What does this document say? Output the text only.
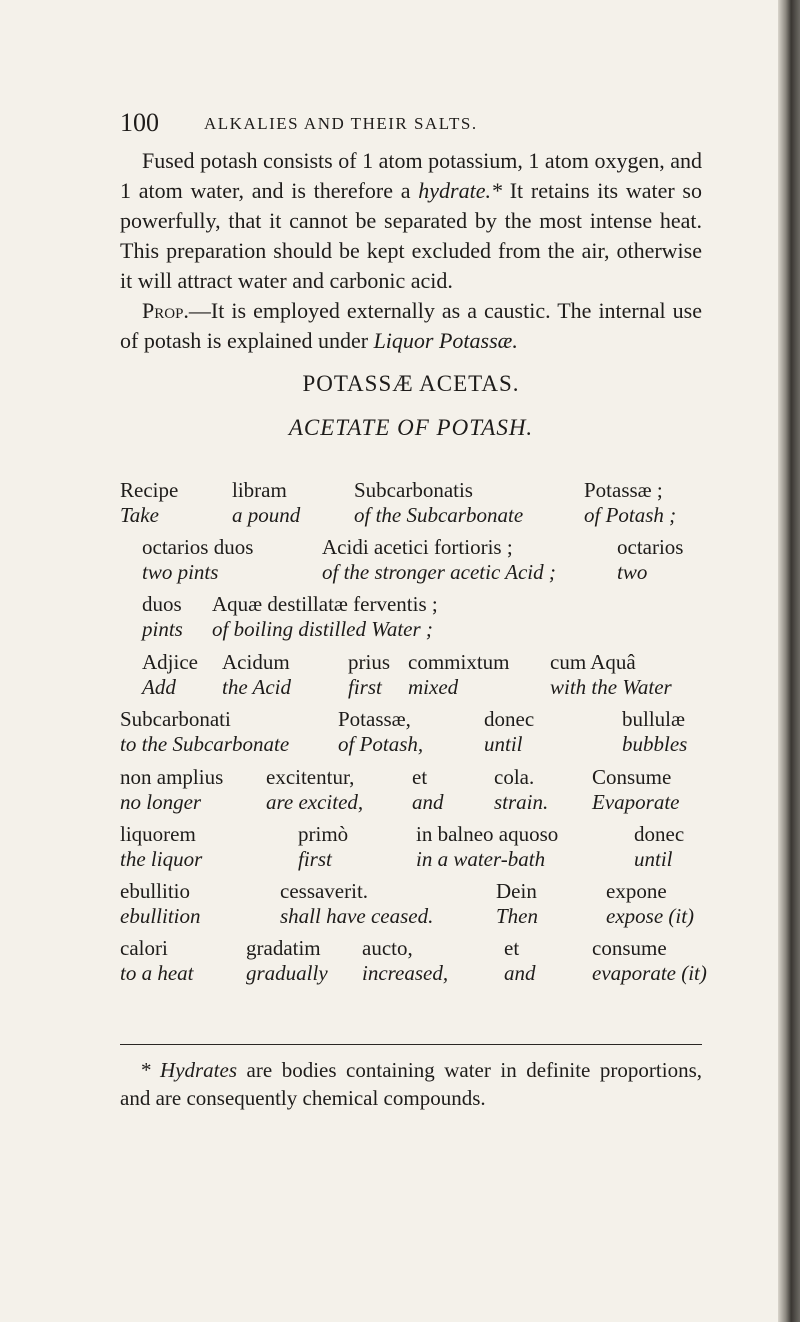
100	ALKALIES AND THEIR SALTS.

Fused potash consists of 1 atom potassium, 1 atom oxygen, and 1 atom water, and is therefore a hydrate.* It retains its water so powerfully, that it cannot be separated by the most intense heat. This preparation should be kept excluded from the air, otherwise it will attract water and carbonic acid.

Prop.—It is employed externally as a caustic. The internal use of potash is explained under Liquor Potassæ.

POTASSÆ ACETAS.
ACETATE OF POTASH.
Recipe
Take
libram
a pound
Subcarbonatis
of the Subcarbonate
Potassæ ;
of Potash ;
octarios duos
two pints
Acidi acetici fortioris ;
of the stronger acetic Acid ;
octarios
two
duos
pints
Aquæ destillatæ ferventis ;
of boiling distilled Water ;
Adjice
Add
Acidum
the Acid
prius
first
commixtum
mixed
cum Aquâ
with the Water
Subcarbonati
to the Subcarbonate
Potassæ,
of Potash,
donec
until
bullulæ
bubbles
non amplius
no longer
excitentur,
are excited,
et
and
cola.
strain.
Consume
Evaporate
liquorem
the liquor
primò
first
in balneo aquoso
in a water-bath
donec
until
ebullitio
ebullition
cessaverit.
shall have ceased.
Dein
Then
expone
expose (it)
calori
to a heat
gradatim
gradually
aucto,
increased,
et
and
consume
evaporate (it)

* Hydrates are bodies containing water in definite proportions, and are consequently chemical compounds.
